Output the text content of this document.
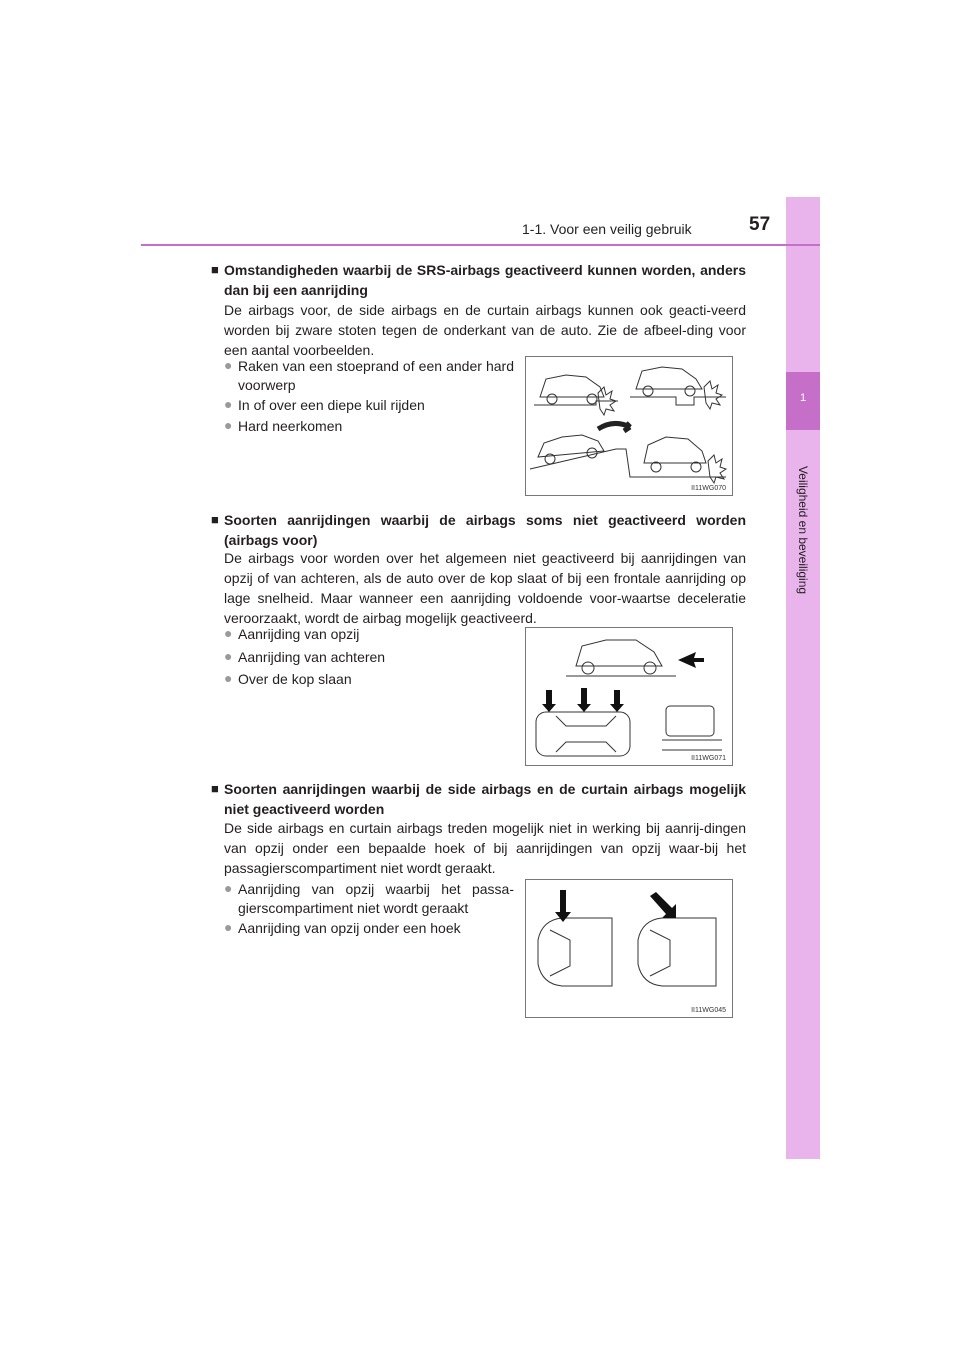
1
Veiligheid en beveiliging
1-1. Voor een veilig gebruik	57
■ Omstandigheden waarbij de SRS-airbags geactiveerd kunnen worden, anders dan bij een aanrijding
De airbags voor, de side airbags en de curtain airbags kunnen ook geacti-veerd worden bij zware stoten tegen de onderkant van de auto. Zie de afbeel-ding voor een aantal voorbeelden.
● Raken van een stoeprand of een ander hard voorwerp
● In of over een diepe kuil rijden
● Hard neerkomen
II11WG070
■ Soorten aanrijdingen waarbij de airbags soms niet geactiveerd worden (airbags voor)
De airbags voor worden over het algemeen niet geactiveerd bij aanrijdingen van opzij of van achteren, als de auto over de kop slaat of bij een frontale aanrijding op lage snelheid. Maar wanneer een aanrijding voldoende voor-waartse deceleratie veroorzaakt, wordt de airbag mogelijk geactiveerd.
● Aanrijding van opzij
● Aanrijding van achteren
● Over de kop slaan
II11WG071
■ Soorten aanrijdingen waarbij de side airbags en de curtain airbags mogelijk niet geactiveerd worden
De side airbags en curtain airbags treden mogelijk niet in werking bij aanrij-dingen van opzij onder een bepaalde hoek of bij aanrijdingen van opzij waar-bij het passagierscompartiment niet wordt geraakt.
● Aanrijding van opzij waarbij het passa-gierscompartiment niet wordt geraakt
● Aanrijding van opzij onder een hoek
II11WG045
